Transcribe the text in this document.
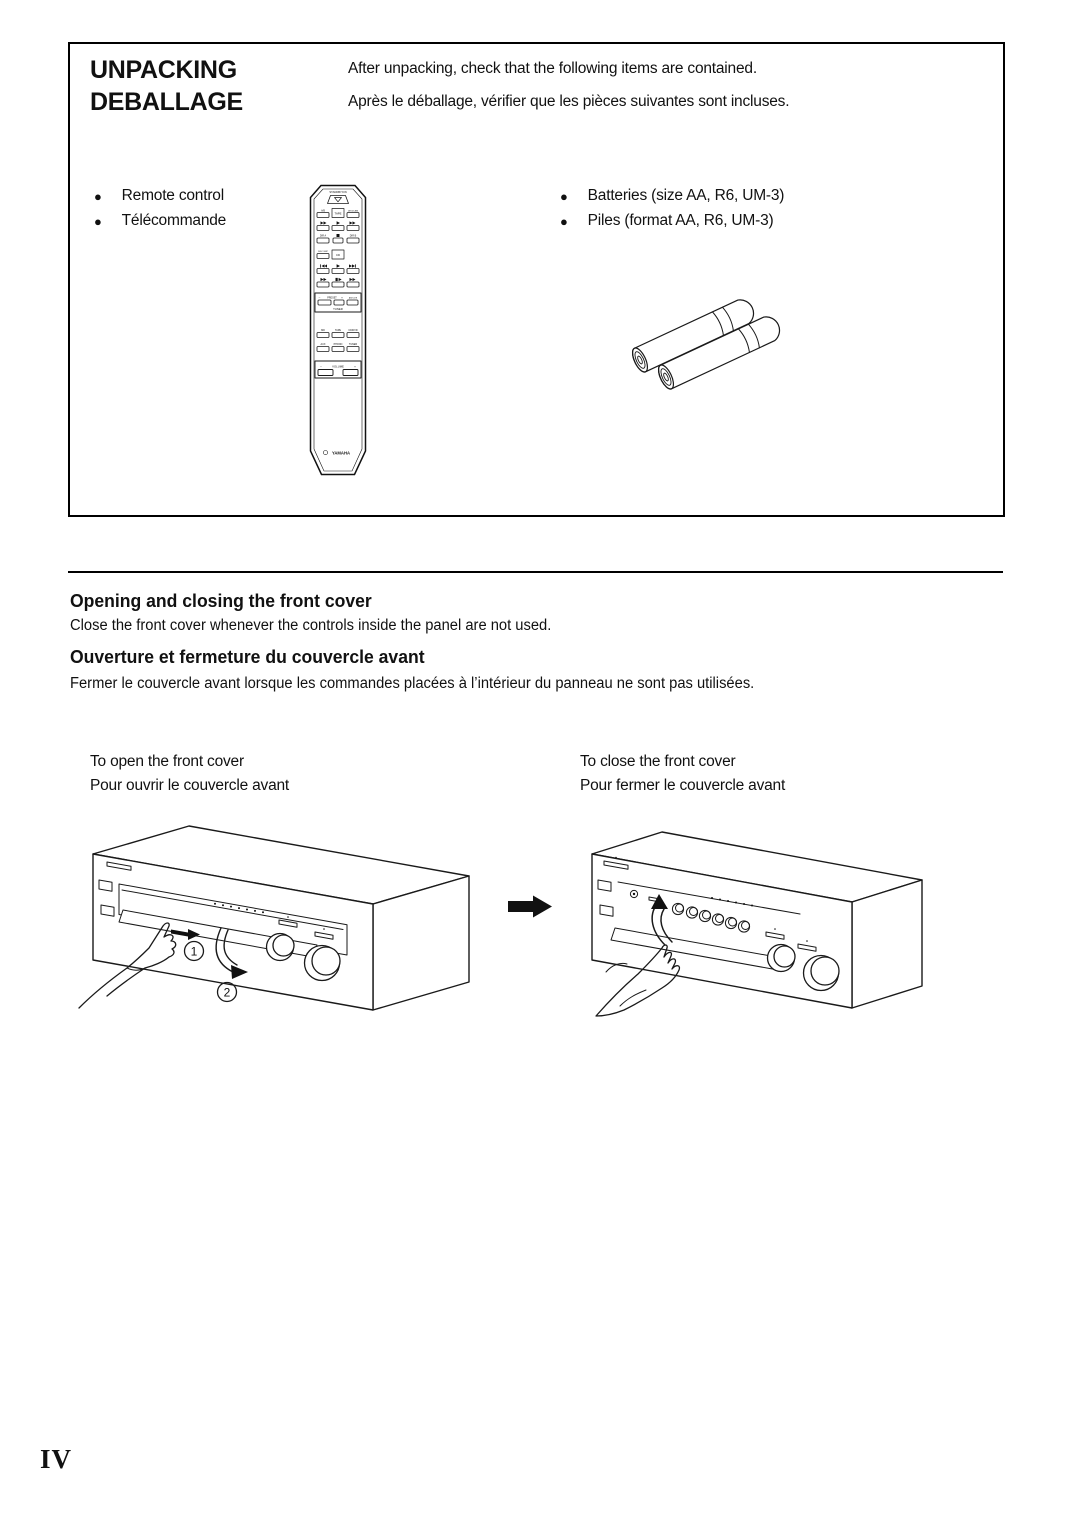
UNPACKING
DEBALLAGE

After unpacking, check that the following items are contained.

Après le déballage, vérifier que les pièces suivantes sont incluses.

● Remote control
● Télécommande
● Batteries (size AA, R6, UM-3)
● Piles (format AA, R6, UM-3)
STANDBY/ON
A/B	DECK A/B
TAPE
DIR A	DIR B
DISC SKIP
CD
–	PRESET +	A/B/C/D/E
TUNER
MD	TAPE	CD/DVD
AUX	PHONO	TUNER
–	VOLUME	+
YAMAHA
Opening and closing the front cover

Close the front cover whenever the controls inside the panel are not used.

Ouverture et fermeture du couvercle avant

Fermer le couvercle avant lorsque les commandes placées à l’intérieur du panneau ne sont pas utilisées.

To open the front cover
Pour ouvrir le couvercle avant
To close the front cover
Pour fermer le couvercle avant
1
2
IV
